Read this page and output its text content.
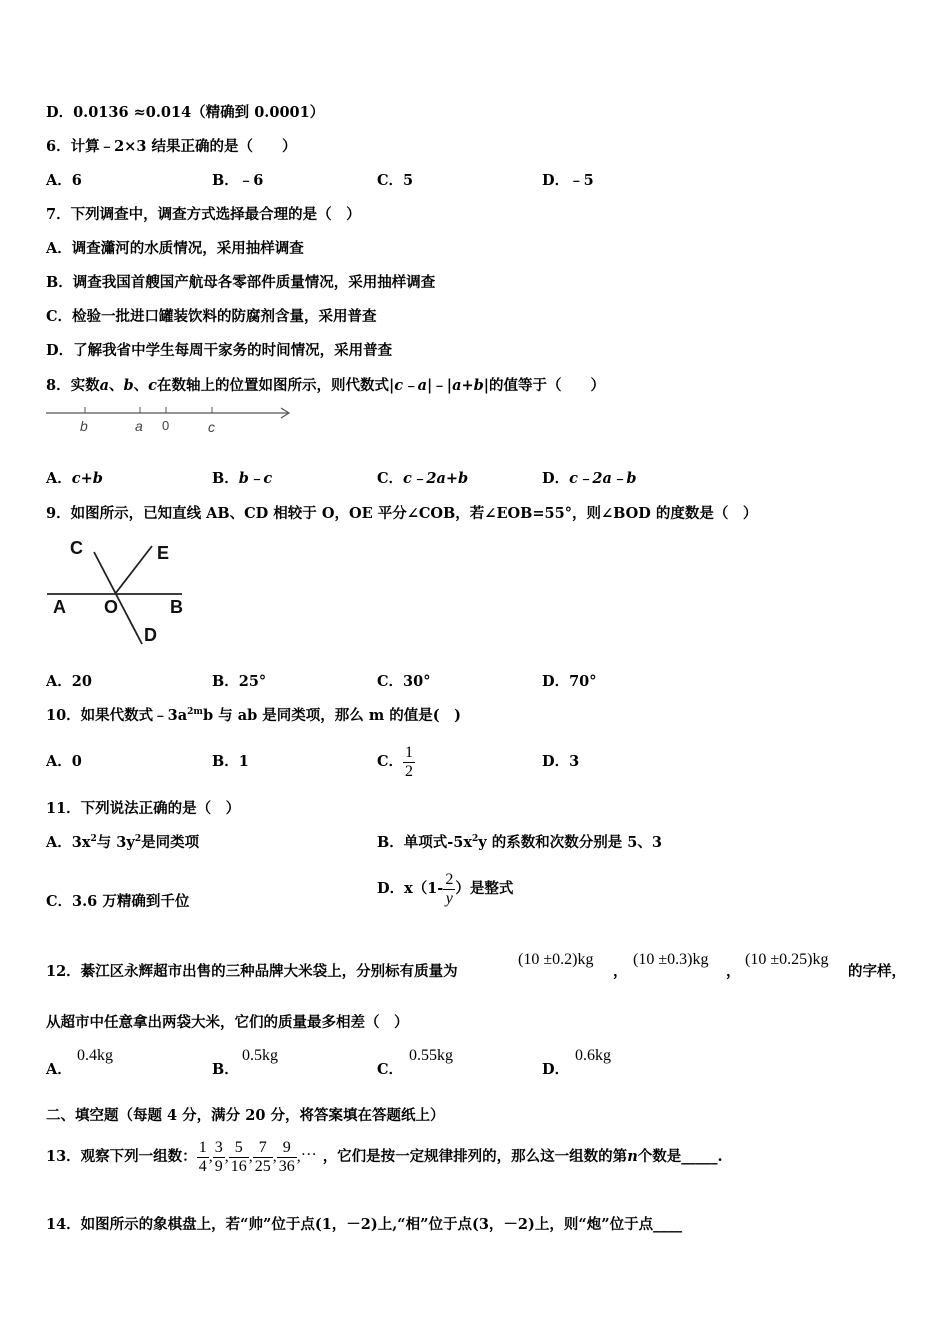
D．0.0136 ≈0.014（精确到 0.0001）
6．计算﹣2×3 结果正确的是（　　）
A．6	B．﹣6	C．5	D．﹣5
7．下列调查中，调查方式选择最合理的是（　）
A．调查瀟河的水质情况，采用抽样调查
B．调查我国首艘国产航母各零部件质量情况，采用抽样调查
C．检验一批进口罐装饮料的防腐剂含量，采用普查
D．了解我省中学生每周干家务的时间情况，采用普查
8．实数a、b、c在数轴上的位置如图所示，则代数式|c﹣a|﹣|a+b|的值等于（　　）
b	a 0	c
A．c+b	B．b﹣c	C．c﹣2a+b	D．c﹣2a﹣b
9．如图所示，已知直线 AB、CD 相较于 O，OE 平分∠COB，若∠EOB=55°，则∠BOD 的度数是（　）
C	E
A O	B
D
A．20	B．25°	C．30°	D．70°
10．如果代数式$﹣3a^{2m}b$ 与 ab 是同类项，那么 m 的值是(　)
A．0	B．1	C． $\frac{1}{2}$	D．3
11．下列说法正确的是（　）
A．$3x^2$与 $3y^2$是同类项	B．单项式$-5x^2y$ 的系数和次数分别是 5、3
C．3.6 万精确到千位
D．$x(1- \frac{2}{y}$ ）是整式
12．綦江区永辉超市出售的三种品牌大米袋上，分别标有质量为
(10 ±0.2)kg
，
(10 ±0.3)kg
，
(10 ±0.25)kg
的字样，
从超市中任意拿出两袋大米，它们的质量最多相差（　）
A．
0.4kg
B．
0.5kg
C．
0.55kg
D．
0.6kg
二、填空题（每题 4 分，满分 20 分，将答案填在答题纸上）
13．观察下列一组数： $\frac{1}{4}$ , $\frac{3}{9}$ , $\frac{5}{16}$ , $\frac{7}{25}$ , $\frac{9}{36}$ ,… ，它们是按一定规律排列的，那么这一组数的第n个数是_____.
14．如图所示的象棋盘上，若“帅”位于点(1，－2)上,“相”位于点(3，－2)上，则“炮”位于点____
